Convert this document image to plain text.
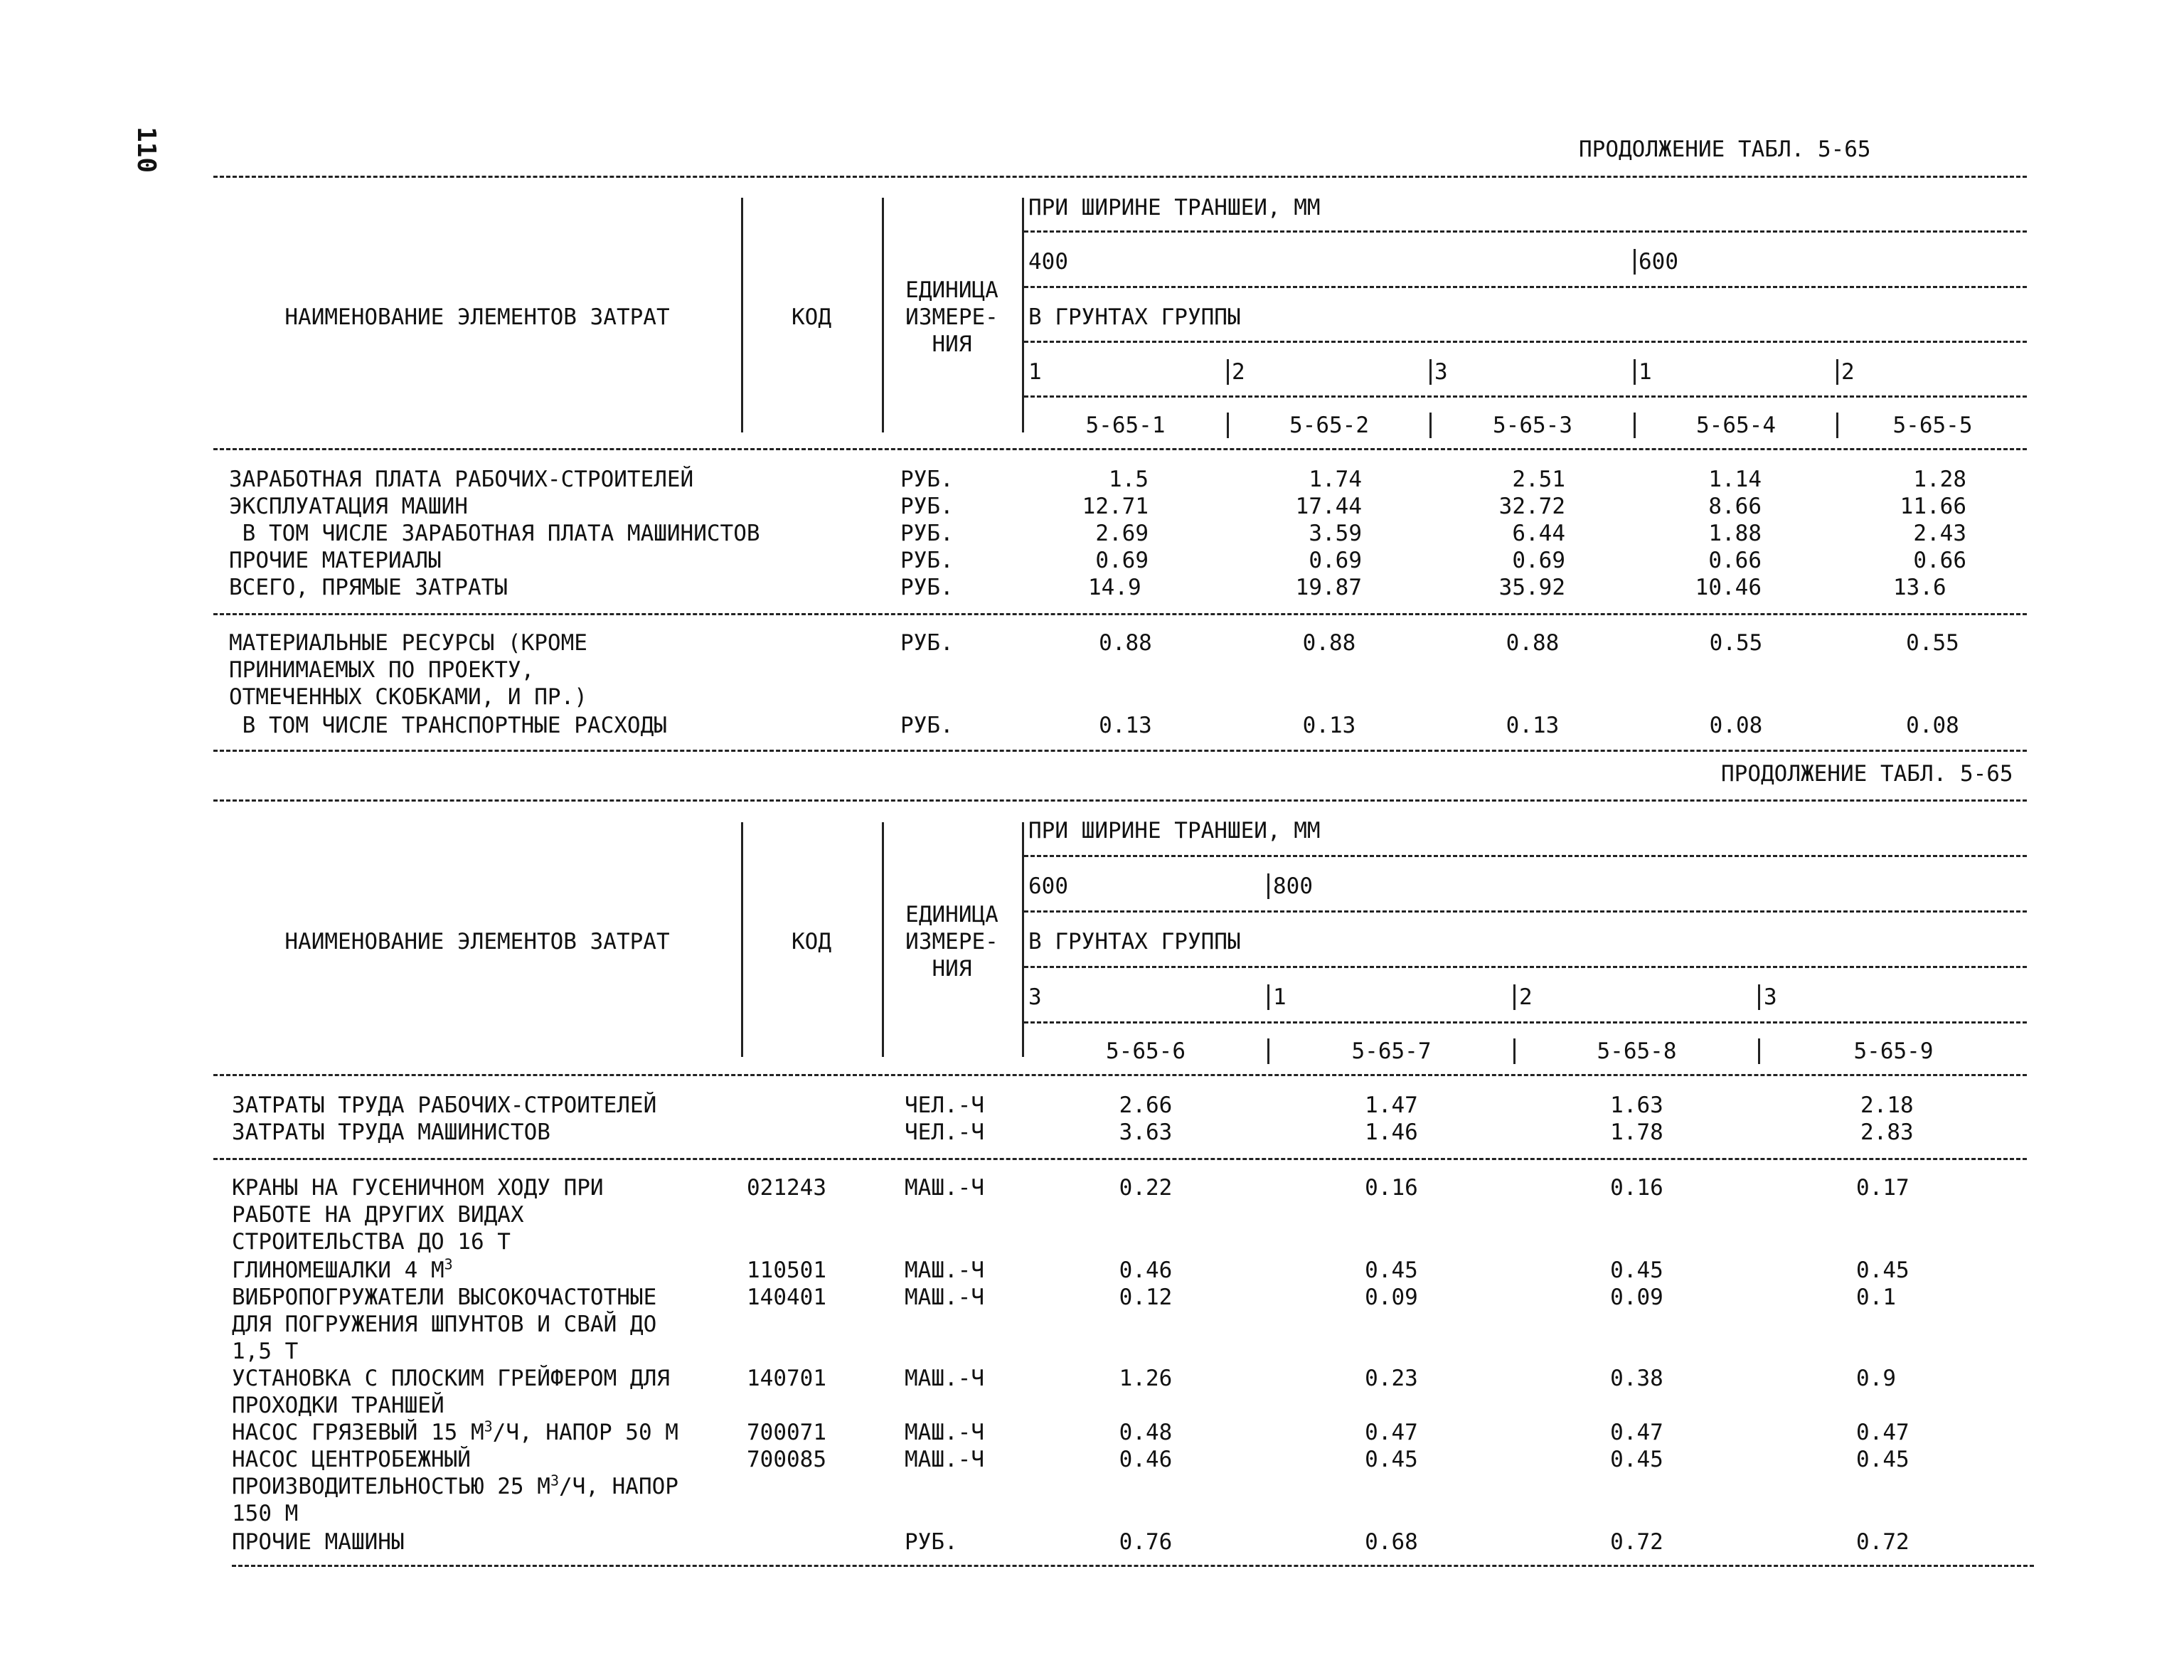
110	ПРОДОЛЖЕНИЕ ТАБЛ. 5-65
НАИМЕНОВАНИЕ ЭЛЕМЕНТОВ ЗАТРАТ	КОД
ЕДИНИЦА
ИЗМЕРЕ-
НИЯ
ПРИ ШИРИНЕ ТРАНШЕИ, ММ
400	600
В ГРУНТАХ ГРУППЫ
1	2	3	1	2
5-65-1	5-65-2	5-65-3	5-65-4	5-65-5
ЗАРАБОТНАЯ ПЛАТА РАБОЧИХ-СТРОИТЕЛЕЙ	РУБ.	1.5	1.74	2.51	1.14	1.28
ЭКСПЛУАТАЦИЯ МАШИН	РУБ.	12.71	17.44	32.72	8.66	11.66
В ТОМ ЧИСЛЕ ЗАРАБОТНАЯ ПЛАТА МАШИНИСТОВ	РУБ.	2.69	3.59	6.44	1.88	2.43
ПРОЧИЕ МАТЕРИАЛЫ	РУБ.	0.69	0.69	0.69	0.66	0.66
ВСЕГО, ПРЯМЫЕ ЗАТРАТЫ	РУБ.	14.9	19.87	35.92	10.46	13.6
МАТЕРИАЛЬНЫЕ РЕСУРСЫ (КРОМЕ
ПРИНИМАЕМЫХ ПО ПРОЕКТУ,
ОТМЕЧЕННЫХ СКОБКАМИ, И ПР.)
РУБ.	0.88	0.88	0.88	0.55	0.55
В ТОМ ЧИСЛЕ ТРАНСПОРТНЫЕ РАСХОДЫ	РУБ.	0.13	0.13	0.13	0.08	0.08
ПРОДОЛЖЕНИЕ ТАБЛ. 5-65
НАИМЕНОВАНИЕ ЭЛЕМЕНТОВ ЗАТРАТ	КОД
ЕДИНИЦА
ИЗМЕРЕ-
НИЯ
ПРИ ШИРИНЕ ТРАНШЕИ, ММ
600	800
В ГРУНТАХ ГРУППЫ
3	1	2	3
5-65-6	5-65-7	5-65-8	5-65-9
ЗАТРАТЫ ТРУДА РАБОЧИХ-СТРОИТЕЛЕЙ	ЧЕЛ.-Ч	2.66	1.47	1.63	2.18
ЗАТРАТЫ ТРУДА МАШИНИСТОВ	ЧЕЛ.-Ч	3.63	1.46	1.78	2.83
КРАНЫ НА ГУСЕНИЧНОМ ХОДУ ПРИ
РАБОТЕ НА ДРУГИХ ВИДАХ
СТРОИТЕЛЬСТВА ДО 16 Т
021243	МАШ.-Ч	0.22	0.16	0.16	0.17
ГЛИНОМЕШАЛКИ 4 $М^3$	110501	МАШ.-Ч	0.46	0.45	0.45	0.45
ВИБРОПОГРУЖАТЕЛИ ВЫСОКОЧАСТОТНЫЕ
ДЛЯ ПОГРУЖЕНИЯ ШПУНТОВ И СВАЙ ДО
1,5 Т
140401	МАШ.-Ч	0.12	0.09	0.09	0.1
УСТАНОВКА С ПЛОСКИМ ГРЕЙФЕРОМ ДЛЯ
ПРОХОДКИ ТРАНШЕЙ
140701	МАШ.-Ч	1.26	0.23	0.38	0.9
НАСОС ГРЯЗЕВЫЙ 15 $М^3/Ч$, НАПОР 50 М	700071	МАШ.-Ч	0.48	0.47	0.47	0.47
НАСОС ЦЕНТРОБЕЖНЫЙ
ПРОИЗВОДИТЕЛЬНОСТЬЮ 25 $М^3/Ч$, НАПОР
150 М
700085	МАШ.-Ч	0.46	0.45	0.45	0.45
ПРОЧИЕ МАШИНЫ	РУБ.	0.76	0.68	0.72	0.72
